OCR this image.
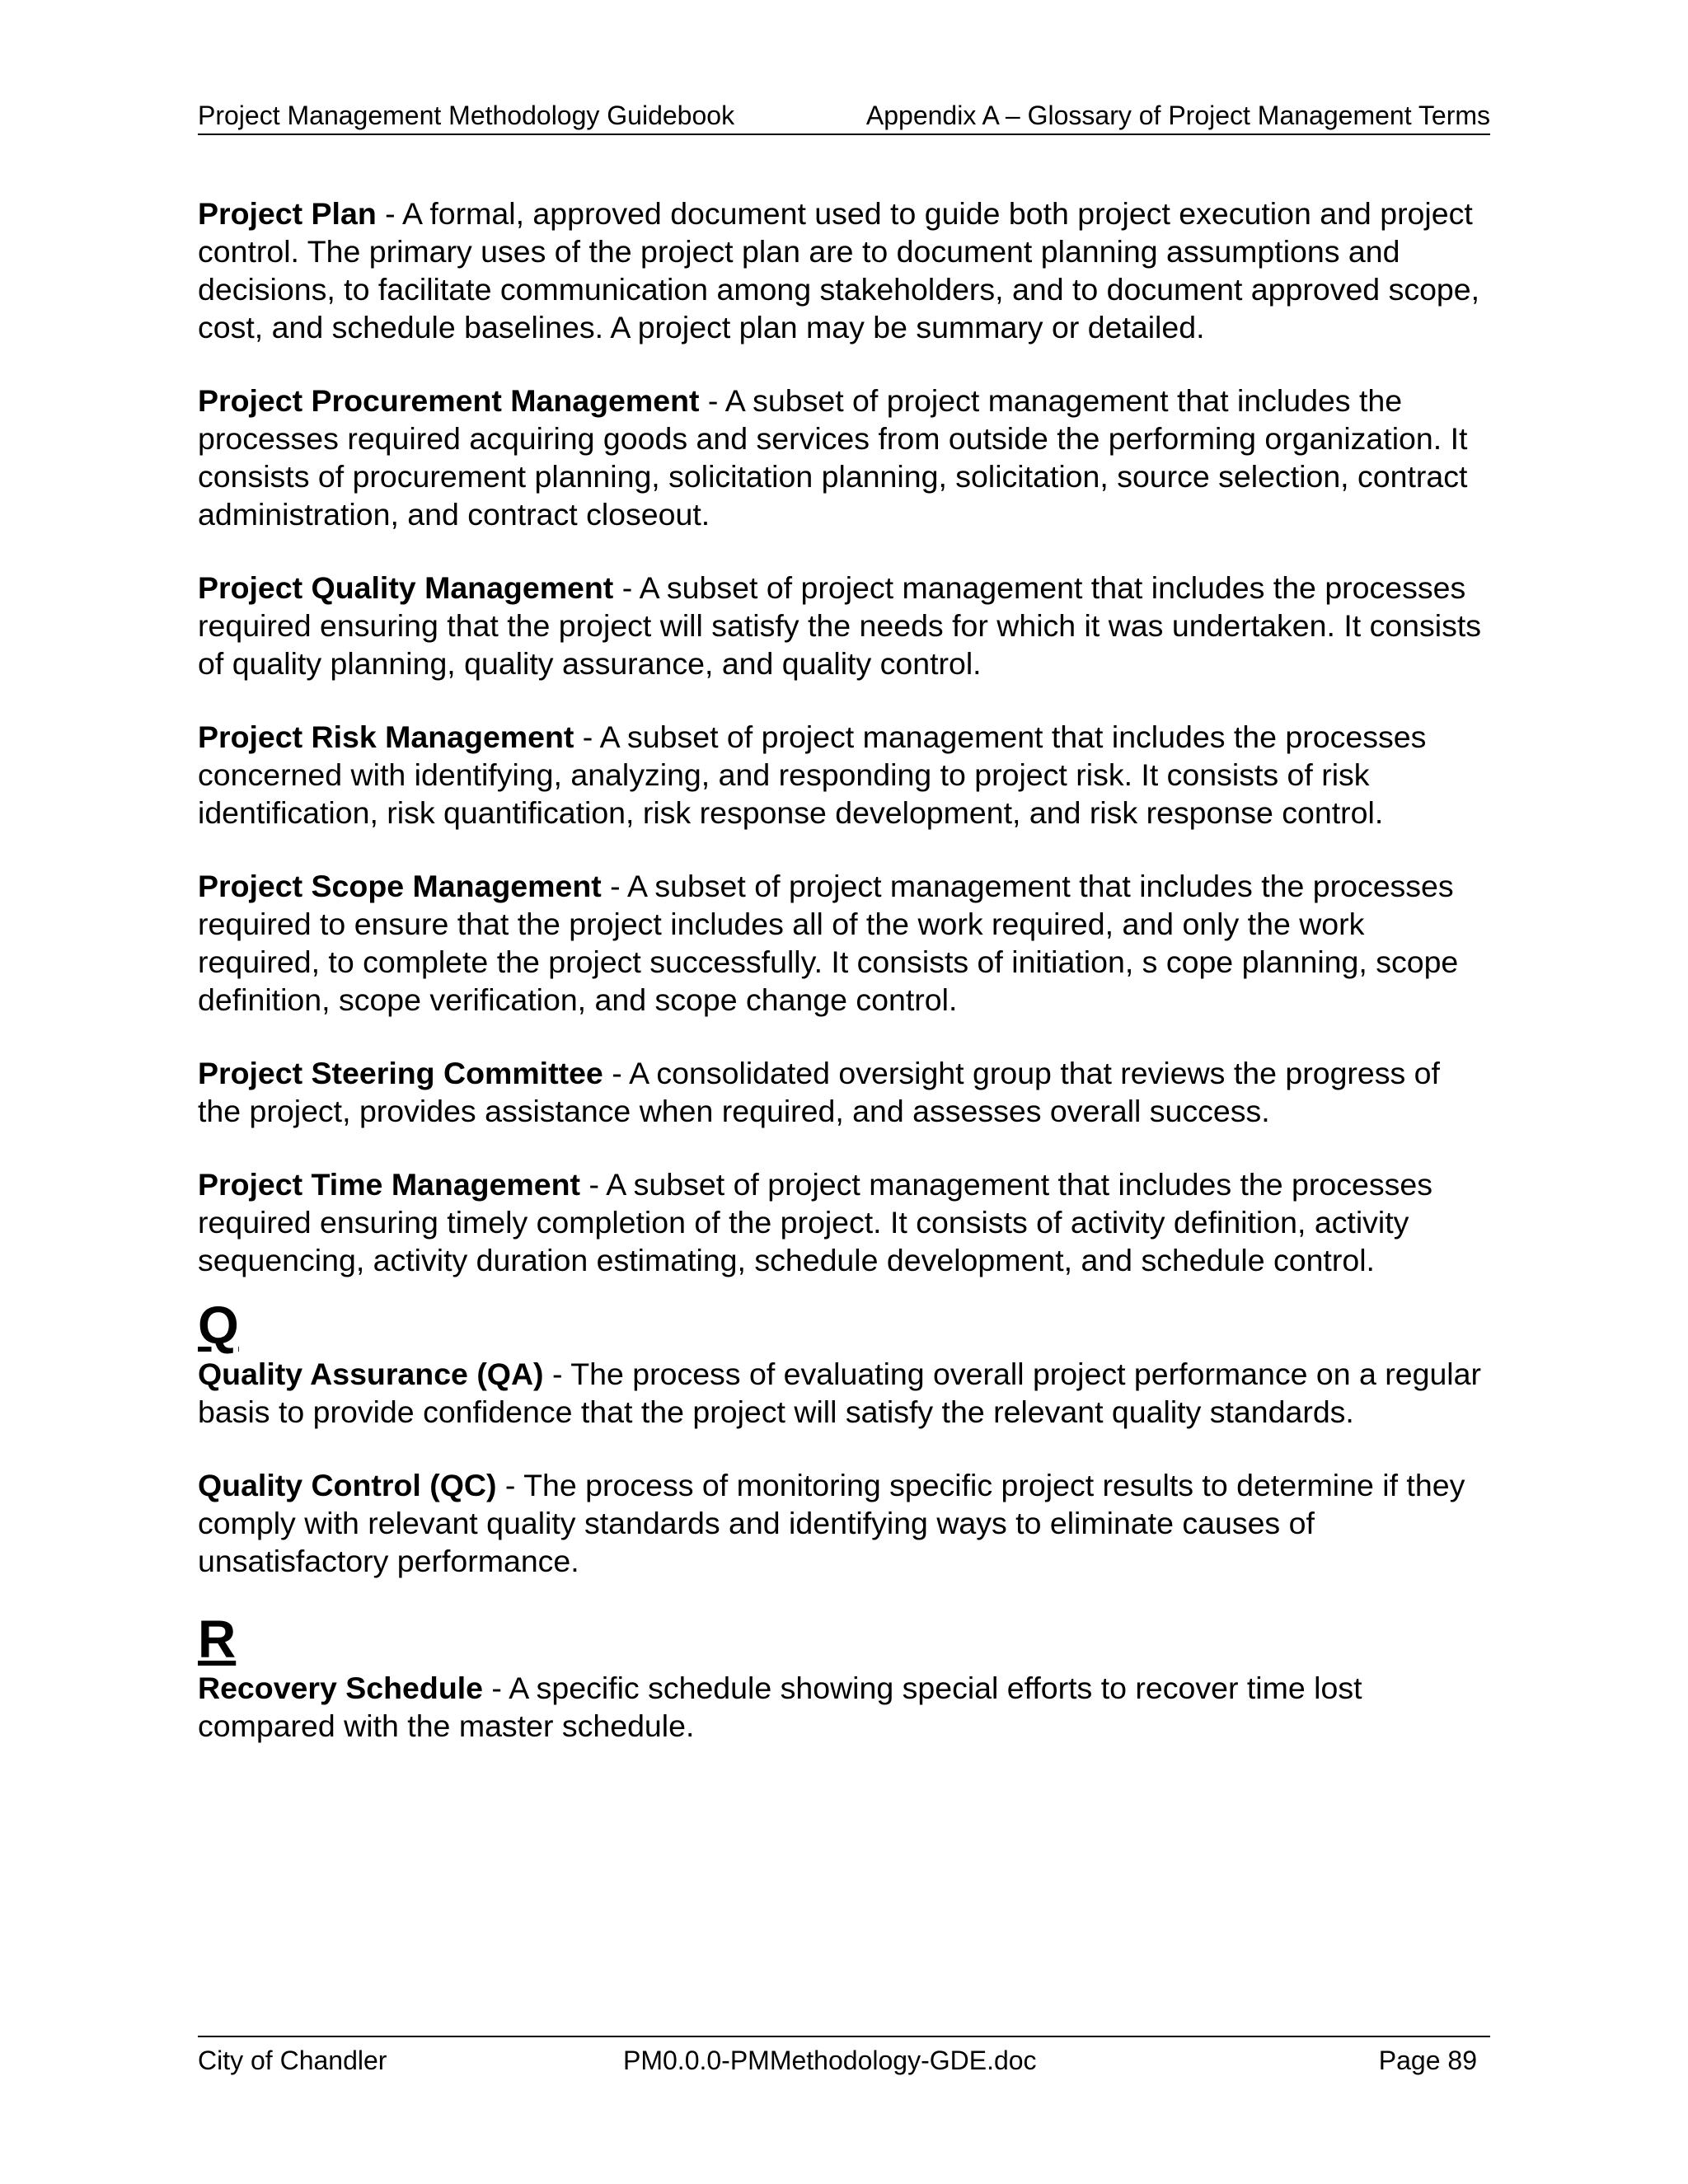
Project Management Methodology Guidebook	Appendix A – Glossary of Project Management Terms

Project Plan - A formal, approved document used to guide both project execution and project control. The primary uses of the project plan are to document planning assumptions and decisions, to facilitate communication among stakeholders, and to document approved scope, cost, and schedule baselines. A project plan may be summary or detailed.

Project Procurement Management - A subset of project management that includes the processes required acquiring goods and services from outside the performing organization. It consists of procurement planning, solicitation planning, solicitation, source selection, contract administration, and contract closeout.

Project Quality Management - A subset of project management that includes the processes required ensuring that the project will satisfy the needs for which it was undertaken. It consists of quality planning, quality assurance, and quality control.

Project Risk Management - A subset of project management that includes the processes concerned with identifying, analyzing, and responding to project risk. It consists of risk identification, risk quantification, risk response development, and risk response control.

Project Scope Management - A subset of project management that includes the processes required to ensure that the project includes all of the work required, and only the work required, to complete the project successfully. It consists of initiation, s cope planning, scope definition, scope verification, and scope change control.

Project Steering Committee - A consolidated oversight group that reviews the progress of the project, provides assistance when required, and assesses overall success.

Project Time Management - A subset of project management that includes the processes required ensuring timely completion of the project. It consists of activity definition, activity sequencing, activity duration estimating, schedule development, and schedule control.

Q

Quality Assurance (QA) - The process of evaluating overall project performance on a regular basis to provide confidence that the project will satisfy the relevant quality standards.

Quality Control (QC) - The process of monitoring specific project results to determine if they comply with relevant quality standards and identifying ways to eliminate causes of unsatisfactory performance.

R

Recovery Schedule - A specific schedule showing special efforts to recover time lost compared with the master schedule.

City of Chandler	PM0.0.0-PMMethodology-GDE.doc	Page 89
